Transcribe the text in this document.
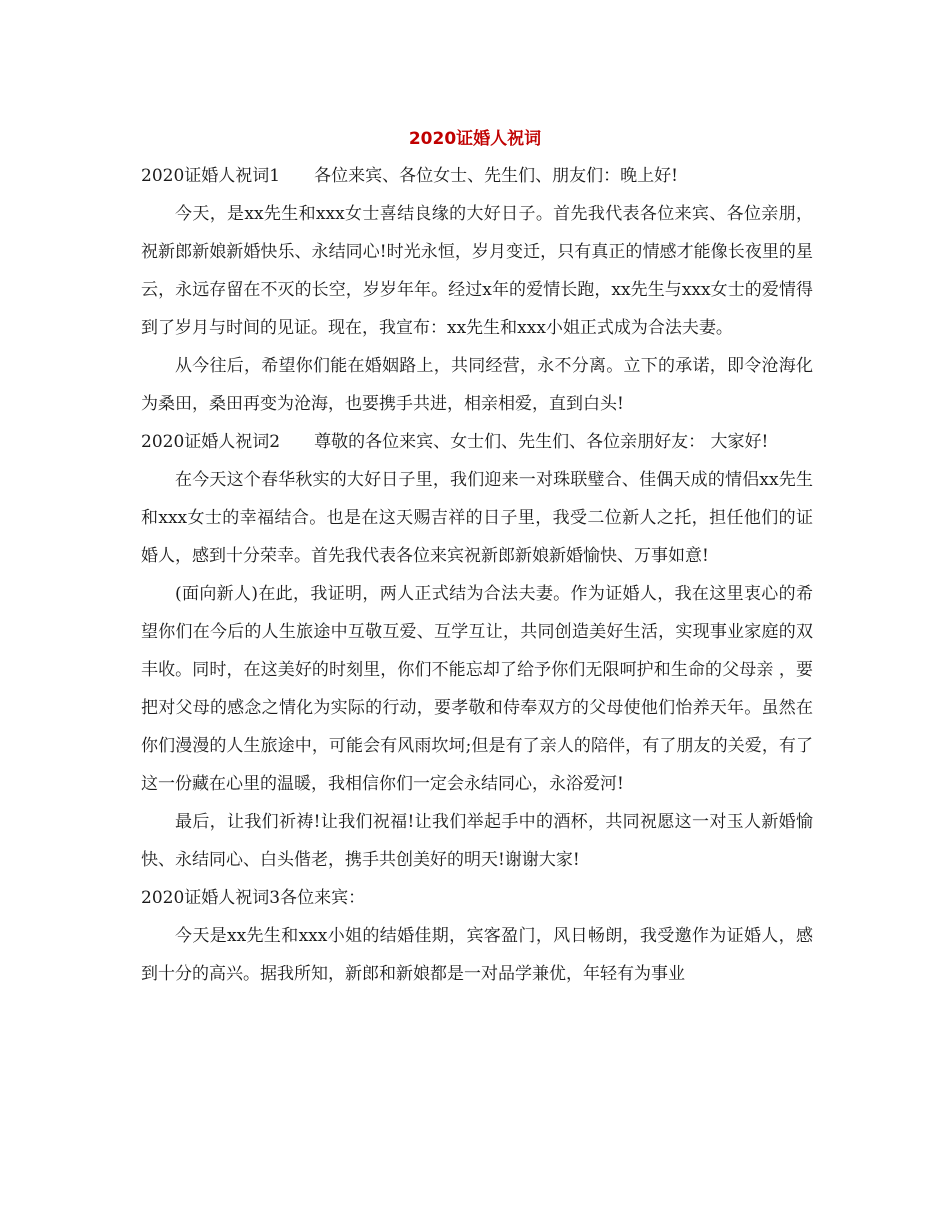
2020证婚人祝词

2020证婚人祝词1 各位来宾、各位女士、先生们、朋友们：晚上好!

今天，是xx先生和xxx女士喜结良缘的大好日子。首先我代表各位来宾、各位亲朋，祝新郎新娘新婚快乐、永结同心!时光永恒，岁月变迁，只有真正的情感才能像长夜里的星云，永远存留在不灭的长空，岁岁年年。经过x年的爱情长跑，xx先生与xxx女士的爱情得到了岁月与时间的见证。现在，我宣布：xx先生和xxx小姐正式成为合法夫妻。

从今往后，希望你们能在婚姻路上，共同经营，永不分离。立下的承诺，即令沧海化为桑田，桑田再变为沧海，也要携手共进，相亲相爱，直到白头!

2020证婚人祝词2 尊敬的各位来宾、女士们、先生们、各位亲朋好友： 大家好!

在今天这个春华秋实的大好日子里，我们迎来一对珠联璧合、佳偶天成的情侣xx先生和xxx女士的幸福结合。也是在这天赐吉祥的日子里，我受二位新人之托，担任他们的证婚人，感到十分荣幸。首先我代表各位来宾祝新郎新娘新婚愉快、万事如意!

(面向新人)在此，我证明，两人正式结为合法夫妻。作为证婚人，我在这里衷心的希望你们在今后的人生旅途中互敬互爱、互学互让，共同创造美好生活，实现事业家庭的双丰收。同时，在这美好的时刻里，你们不能忘却了给予你们无限呵护和生命的父母亲 ，要把对父母的感念之情化为实际的行动，要孝敬和侍奉双方的父母使他们怡养天年。虽然在你们漫漫的人生旅途中，可能会有风雨坎坷;但是有了亲人的陪伴，有了朋友的关爱，有了这一份藏在心里的温暖，我相信你们一定会永结同心，永浴爱河!

最后，让我们祈祷!让我们祝福!让我们举起手中的酒杯，共同祝愿这一对玉人新婚愉快、永结同心、白头偕老，携手共创美好的明天!谢谢大家!

2020证婚人祝词3各位来宾：

今天是xx先生和xxx小姐的结婚佳期，宾客盈门，风日畅朗，我受邀作为证婚人，感到十分的高兴。据我所知，新郎和新娘都是一对品学兼优，年轻有为事业
